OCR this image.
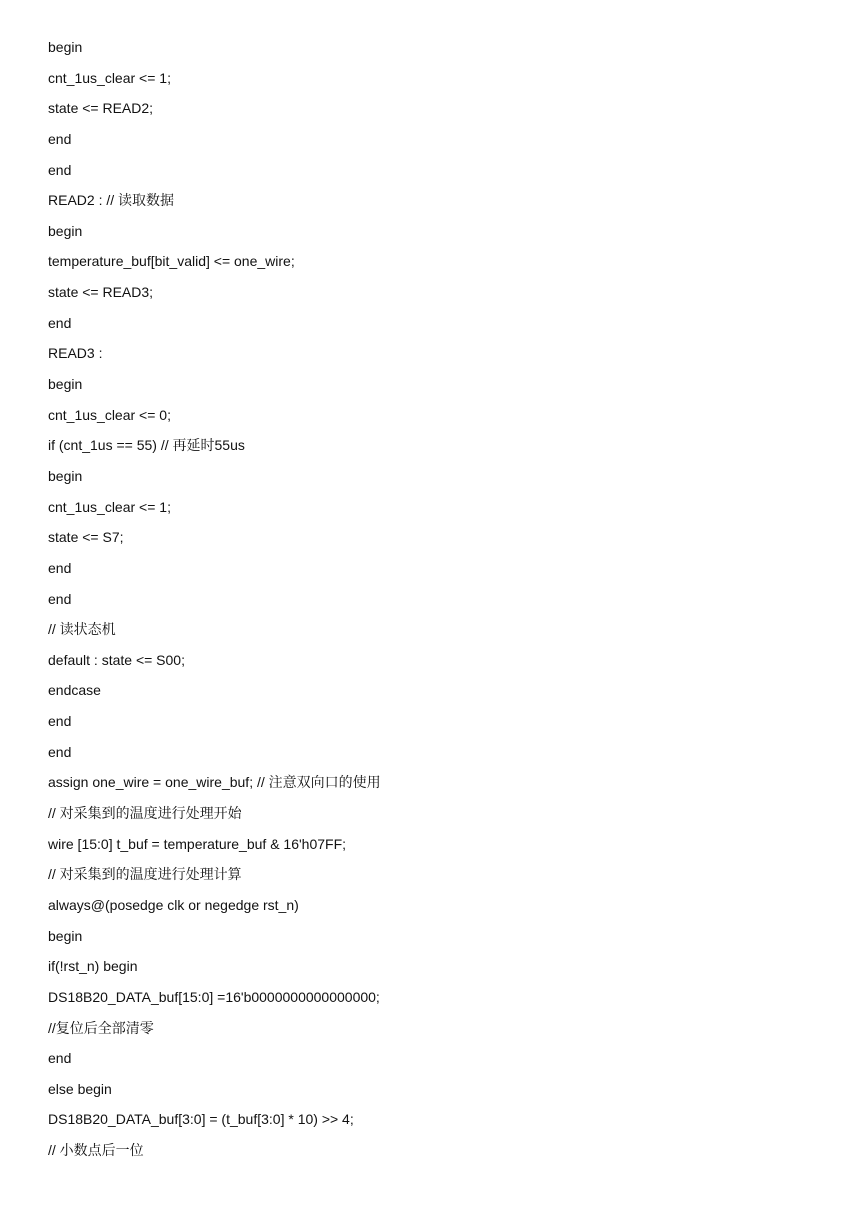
begin
cnt_1us_clear <= 1;
state <= READ2;
end
end
READ2 : // 读取数据
begin
temperature_buf[bit_valid] <= one_wire;
state <= READ3;
end
READ3 :
begin
cnt_1us_clear <= 0;
if (cnt_1us == 55) // 再延时55us
begin
cnt_1us_clear <= 1;
state <= S7;
end
end
// 读状态机
default : state <= S00;
endcase
end
end
assign one_wire = one_wire_buf; // 注意双向口的使用
// 对采集到的温度进行处理开始
wire [15:0] t_buf = temperature_buf & 16'h07FF;
// 对采集到的温度进行处理计算
always@(posedge clk or negedge rst_n)
begin
if(!rst_n) begin
DS18B20_DATA_buf[15:0] =16'b0000000000000000;
//复位后全部清零
end
else begin
DS18B20_DATA_buf[3:0] = (t_buf[3:0] * 10) >> 4;
// 小数点后一位
